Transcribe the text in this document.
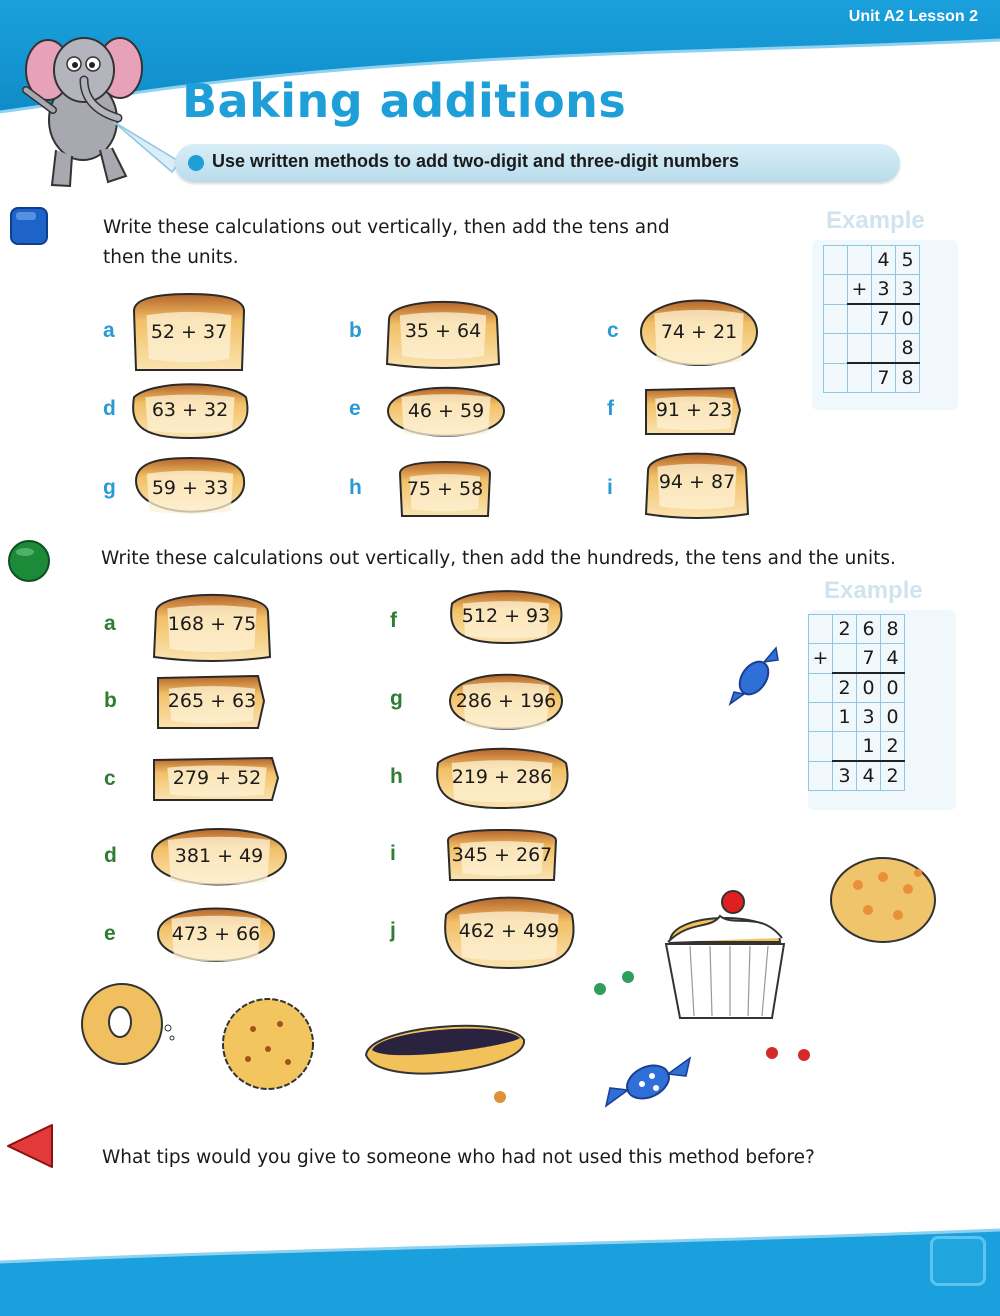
Unit A2 Lesson 2
Baking additions
Use written methods to add two-digit and three-digit numbers
Write these calculations out vertically, then add the tens and
then the units.
a	52 + 37	b	35 + 64	c	74 + 21
d	63 + 32	e	46 + 59	f	91 + 23
g	59 + 33	h	75 + 58	i	94 + 87
Example
		4	5
	+	3	3
		7	0
			8
		7	8
Write these calculations out vertically, then add the hundreds, the tens and the units.
a	168 + 75
b	265 + 63
c	279 + 52
d	381 + 49
e	473 + 66
f	512 + 93
g	286 + 196
h	219 + 286
i	345 + 267
j	462 + 499
Example
	2	6	8
+		7	4
	2	0	0
	1	3	0
		1	2
	3	4	2
What tips would you give to someone who had not used this method before?
